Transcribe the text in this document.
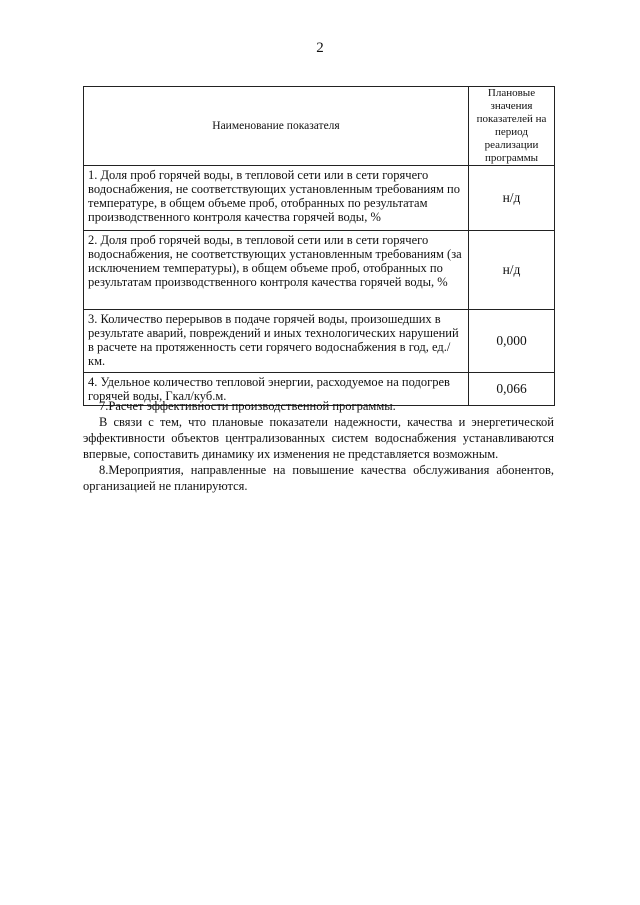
2
Наименование показателя	Плановые значения показателей на период реализации программы
1. Доля проб горячей воды, в тепловой сети или в сети горячего водоснабжения, не соответствующих установленным требованиям по температуре, в общем объеме проб, отобранных по результатам производственного контроля качества горячей воды, %	н/д
2. Доля проб горячей воды, в тепловой сети или в сети горячего водоснабжения, не соответствующих установленным требованиям (за исключением температуры), в общем объеме проб, отобранных по результатам производственного контроля качества горячей воды, %	н/д
3. Количество перерывов в подаче горячей воды, произошедших в результате аварий, повреждений и иных технологических нарушений в расчете на протяженность сети горячего водоснабжения в год, ед./км.	0,000
4. Удельное количество тепловой энергии, расходуемое на подогрев горячей воды, Гкал/куб.м.	0,066

7.Расчет эффективности производственной программы.

В связи с тем, что плановые показатели надежности, качества и энергетической эффективности объектов централизованных систем водоснабжения устанавливаются впервые, сопоставить динамику их изменения не представляется возможным.

8.Мероприятия, направленные на повышение качества обслуживания абонентов, организацией не планируются.
